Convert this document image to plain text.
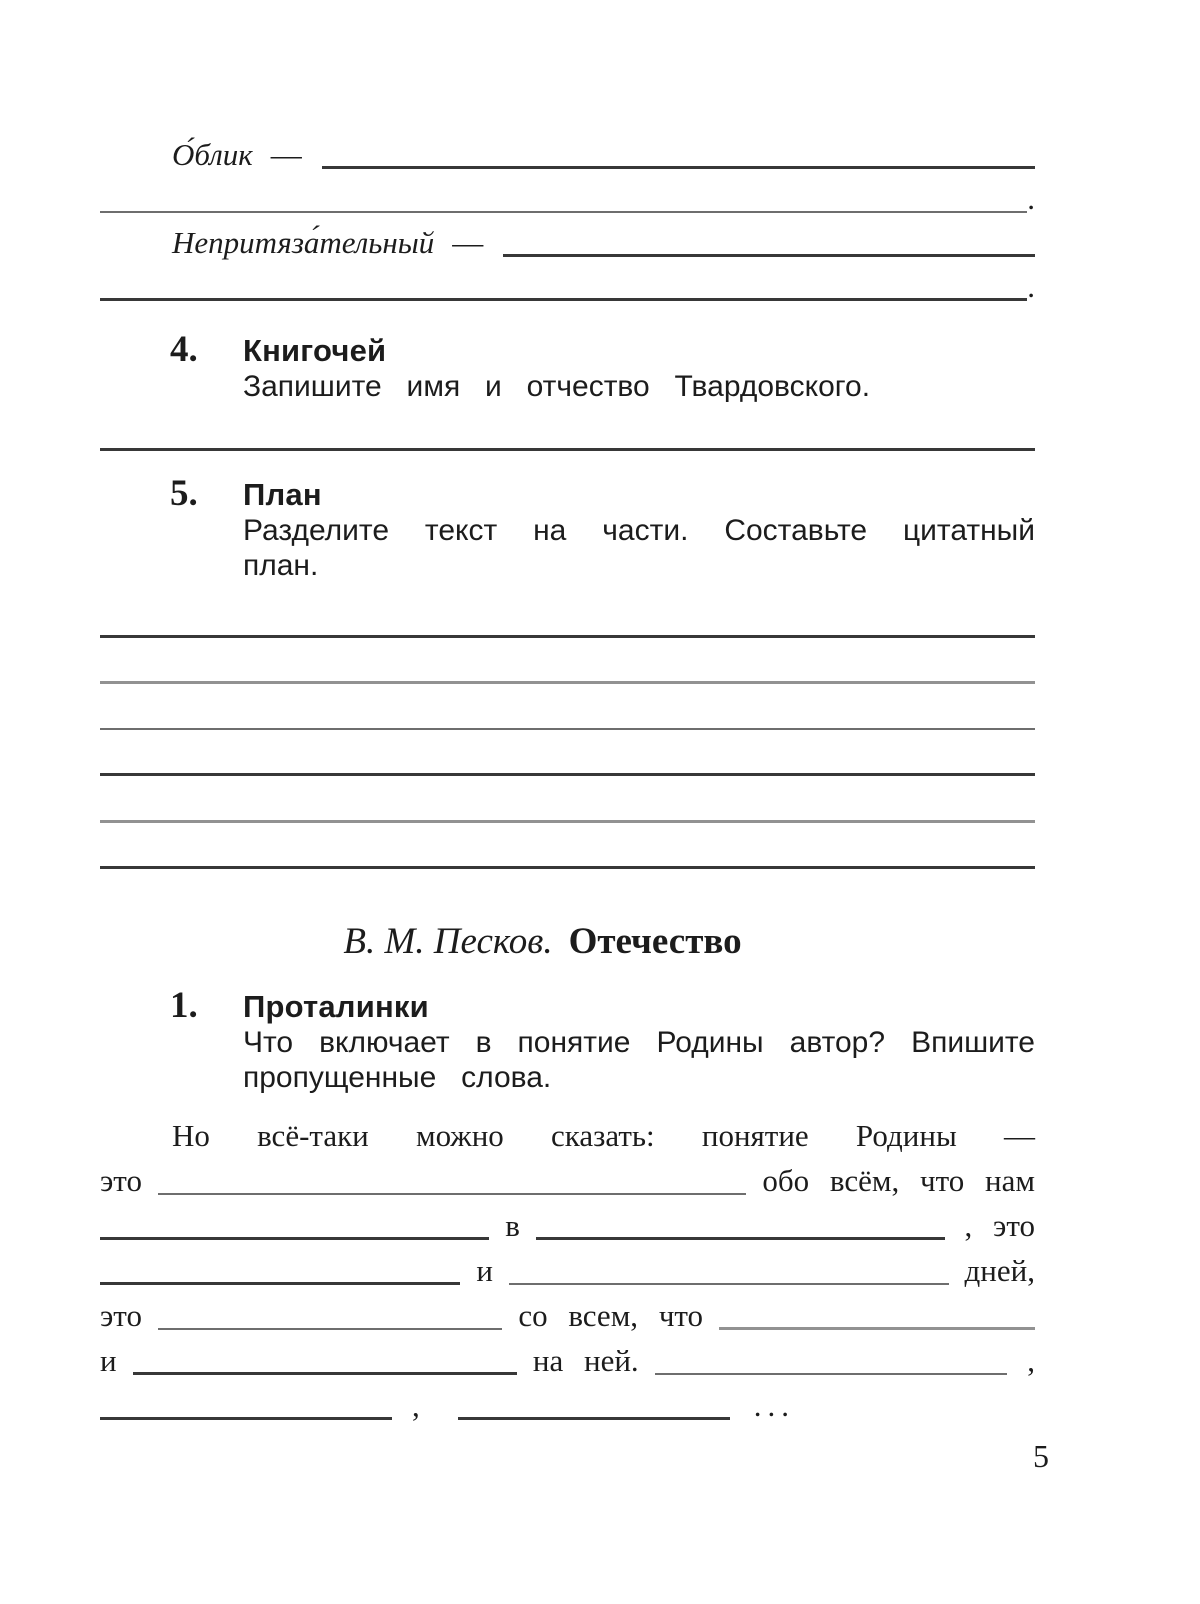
О́блик —
.
Непритяза́тельный —
.
4. Книгочей
Запишите имя и отчество Твардовского.
5. План
Разделите текст на части. Составьте цитатный
план.
В. М. Песков. Отечество
1. Проталинки
Что включает в понятие Родины автор? Впишите
пропущенные слова.
Но всё-таки можно сказать: понятие Родины —
это	обо всём, что нам
в	, это
и	дней,
это	со всем, что
и	на ней.	,
,	...
5
